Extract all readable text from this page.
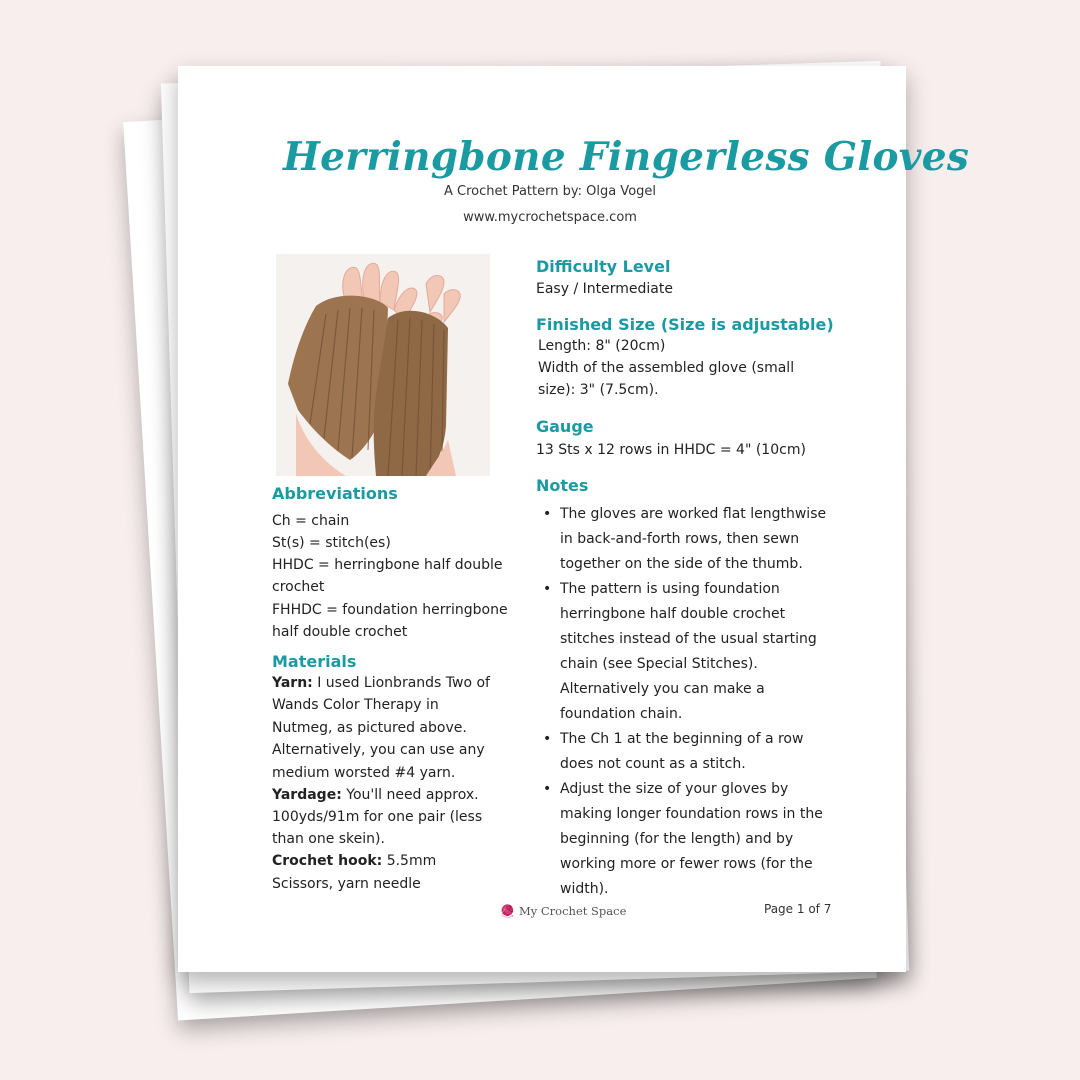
Herringbone Fingerless Gloves
A Crochet Pattern by: Olga Vogel
www.mycrochetspace.com
Difficulty Level
Easy / Intermediate
Finished Size (Size is adjustable)
Length: 8" (20cm)
Width of the assembled glove (small
size): 3" (7.5cm).
Gauge
13 Sts x 12 rows in HHDC = 4" (10cm)
Notes
• The gloves are worked flat lengthwise in back-and-forth rows, then sewn together on the side of the thumb.
• The pattern is using foundation herringbone half double crochet stitches instead of the usual starting chain (see Special Stitches). Alternatively you can make a foundation chain.
• The Ch 1 at the beginning of a row does not count as a stitch.
• Adjust the size of your gloves by making longer foundation rows in the beginning (for the length) and by working more or fewer rows (for the width).
Abbreviations
Ch = chain
St(s) = stitch(es)
HHDC = herringbone half double
crochet
FHHDC = foundation herringbone
half double crochet
Materials
Yarn: I used Lionbrands Two of
Wands Color Therapy in
Nutmeg, as pictured above.
Alternatively, you can use any
medium worsted #4 yarn.
Yardage: You'll need approx.
100yds/91m for one pair (less
than one skein).
Crochet hook: 5.5mm
Scissors, yarn needle
🧶 My Crochet Space	Page 1 of 7
